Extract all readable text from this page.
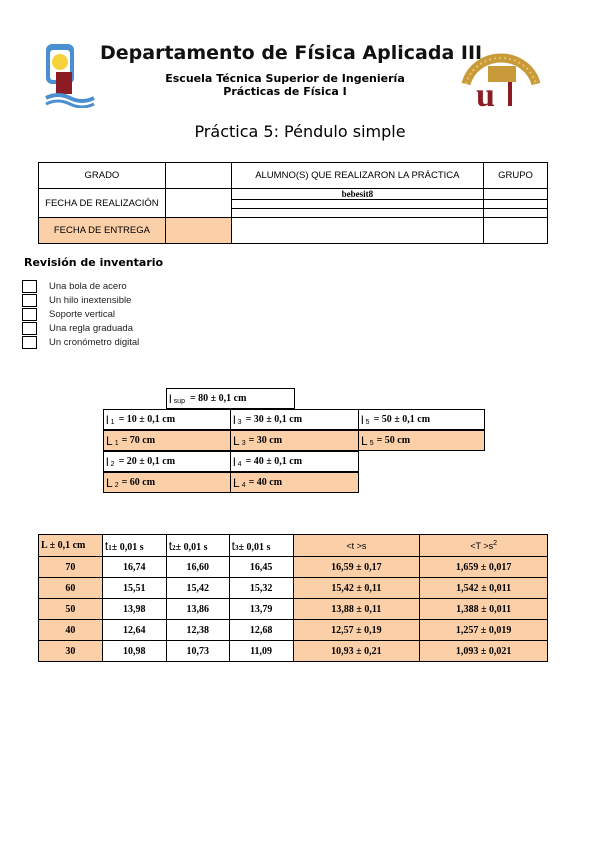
Departamento de Física Aplicada III
Escuela Técnica Superior de Ingeniería
Prácticas de Física I	u
Práctica 5: Péndulo simple
GRADO		ALUMNO(S) QUE REALIZARON LA PRÁCTICA	GRUPO
FECHA DE REALIZACIÓN		bebesit8	

FECHA DE ENTREGA			
Revisión de inventario
Una bola de acero
Un hilo inextensible
Soporte vertical
Una regla graduada
Un cronómetro digital
l sup = 80 ± 0,1 cm
l 1 = 10 ± 0,1 cm	l 3 = 30 ± 0,1 cm	l 5 = 50 ± 0,1 cm
L 1 = 70 cm	L 3 = 30 cm	L 5 = 50 cm
l 2 = 20 ± 0,1 cm	l 4 = 40 ± 0,1 cm
L 2 = 60 cm	L 4 = 40 cm
L ± 0,1 cm	t1± 0,01 s	t2± 0,01 s	t3± 0,01 s	<t >s	$<T >s^2$
70	16,74	16,60	16,45	16,59 ± 0,17	1,659 ± 0,017
60	15,51	15,42	15,32	15,42 ± 0,11	1,542 ± 0,011
50	13,98	13,86	13,79	13,88 ± 0,11	1,388 ± 0,011
40	12,64	12,38	12,68	12,57 ± 0,19	1,257 ± 0,019
30	10,98	10,73	11,09	10,93 ± 0,21	1,093 ± 0,021
